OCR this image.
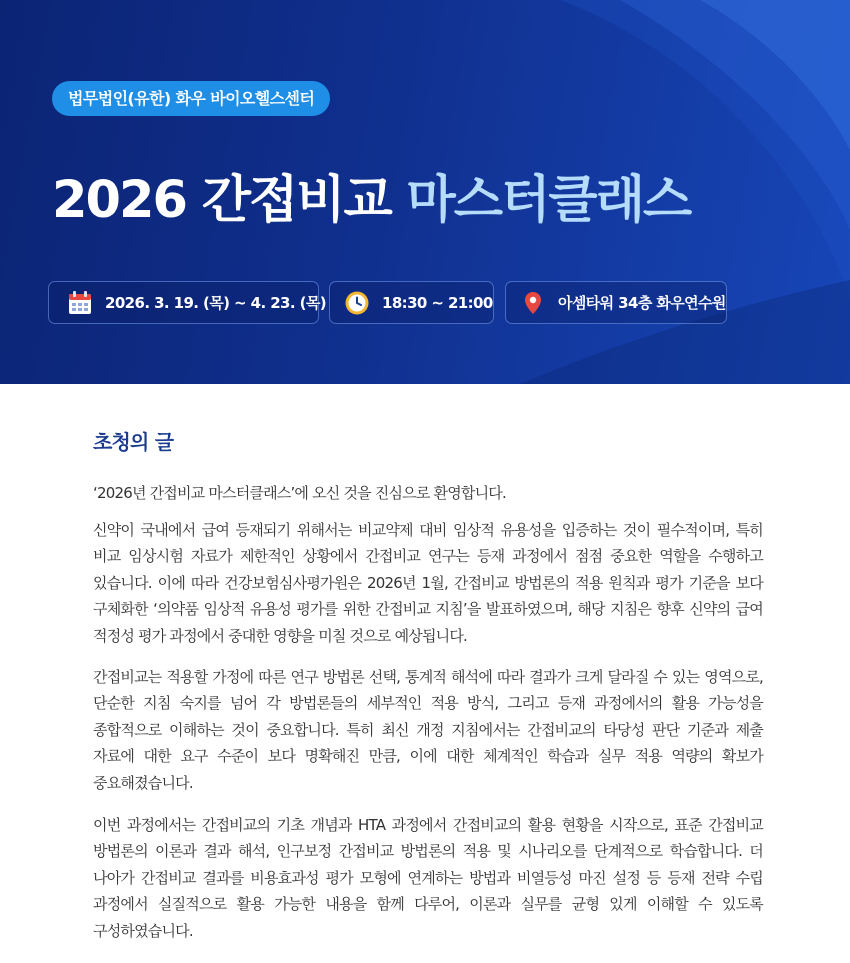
법무법인(유한) 화우 바이오헬스센터
2026 간접비교 마스터클래스
2026. 3. 19. (목) ~ 4. 23. (목)	18:30 ~ 21:00	아셈타워 34층 화우연수원
초청의 글

‘2026년 간접비교 마스터클래스’에 오신 것을 진심으로 환영합니다.

신약이 국내에서 급여 등재되기 위해서는 비교약제 대비 임상적 유용성을 입증하는 것이 필수적이며, 특히 비교 임상시험 자료가 제한적인 상황에서 간접비교 연구는 등재 과정에서 점점 중요한 역할을 수행하고 있습니다. 이에 따라 건강보험심사평가원은 2026년 1월, 간접비교 방법론의 적용 원칙과 평가 기준을 보다 구체화한 ‘의약품 임상적 유용성 평가를 위한 간접비교 지침’을 발표하였으며, 해당 지침은 향후 신약의 급여 적정성 평가 과정에서 중대한 영향을 미칠 것으로 예상됩니다.

간접비교는 적용할 가정에 따른 연구 방법론 선택, 통계적 해석에 따라 결과가 크게 달라질 수 있는 영역으로, 단순한 지침 숙지를 넘어 각 방법론들의 세부적인 적용 방식, 그리고 등재 과정에서의 활용 가능성을 종합적으로 이해하는 것이 중요합니다. 특히 최신 개정 지침에서는 간접비교의 타당성 판단 기준과 제출 자료에 대한 요구 수준이 보다 명확해진 만큼, 이에 대한 체계적인 학습과 실무 적용 역량의 확보가 중요해졌습니다.

이번 과정에서는 간접비교의 기초 개념과 HTA 과정에서 간접비교의 활용 현황을 시작으로, 표준 간접비교 방법론의 이론과 결과 해석, 인구보정 간접비교 방법론의 적용 및 시나리오를 단계적으로 학습합니다. 더 나아가 간접비교 결과를 비용효과성 평가 모형에 연계하는 방법과 비열등성 마진 설정 등 등재 전략 수립 과정에서 실질적으로 활용 가능한 내용을 함께 다루어, 이론과 실무를 균형 있게 이해할 수 있도록 구성하였습니다.
